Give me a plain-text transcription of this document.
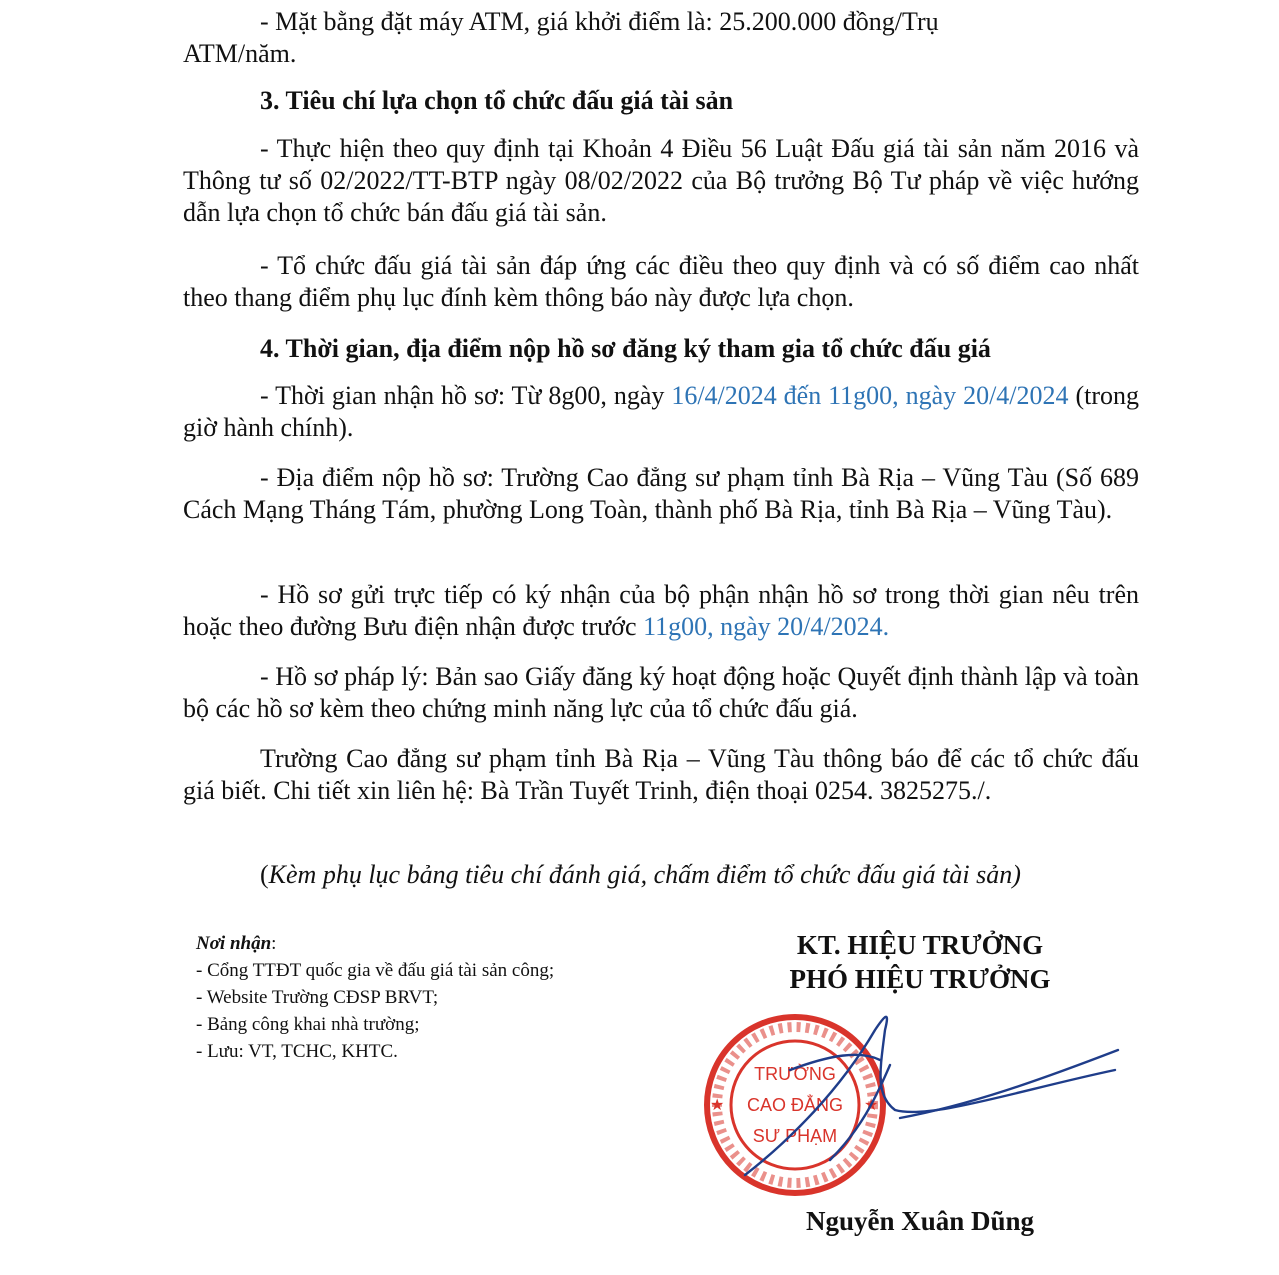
- Mặt bằng đặt máy ATM, giá khởi điểm là: 25.200.000 đồng/Trụ

ATM/năm.

3. Tiêu chí lựa chọn tổ chức đấu giá tài sản

- Thực hiện theo quy định tại Khoản 4 Điều 56 Luật Đấu giá tài sản năm 2016 và Thông tư số 02/2022/TT-BTP ngày 08/02/2022 của Bộ trưởng Bộ Tư pháp về việc hướng dẫn lựa chọn tổ chức bán đấu giá tài sản.

- Tổ chức đấu giá tài sản đáp ứng các điều theo quy định và có số điểm cao nhất theo thang điểm phụ lục đính kèm thông báo này được lựa chọn.

4. Thời gian, địa điểm nộp hồ sơ đăng ký tham gia tổ chức đấu giá

- Thời gian nhận hồ sơ: Từ 8g00, ngày 16/4/2024 đến 11g00, ngày 20/4/2024 (trong giờ hành chính).

- Địa điểm nộp hồ sơ: Trường Cao đẳng sư phạm tỉnh Bà Rịa – Vũng Tàu (Số 689 Cách Mạng Tháng Tám, phường Long Toàn, thành phố Bà Rịa, tỉnh Bà Rịa – Vũng Tàu).

- Hồ sơ gửi trực tiếp có ký nhận của bộ phận nhận hồ sơ trong thời gian nêu trên hoặc theo đường Bưu điện nhận được trước 11g00, ngày 20/4/2024.

- Hồ sơ pháp lý: Bản sao Giấy đăng ký hoạt động hoặc Quyết định thành lập và toàn bộ các hồ sơ kèm theo chứng minh năng lực của tổ chức đấu giá.

Trường Cao đẳng sư phạm tỉnh Bà Rịa – Vũng Tàu thông báo để các tổ chức đấu giá biết. Chi tiết xin liên hệ: Bà Trần Tuyết Trinh, điện thoại 0254. 3825275./.

(Kèm phụ lục bảng tiêu chí đánh giá, chấm điểm tổ chức đấu giá tài sản)

Nơi nhận:
- Cổng TTĐT quốc gia về đấu giá tài sản công;
- Website Trường CĐSP BRVT;
- Bảng công khai nhà trường;
- Lưu: VT, TCHC, KHTC.
KT. HIỆU TRƯỞNG
PHÓ HIỆU TRƯỞNG
★	★
TRƯỜNG
CAO ĐẲNG
SƯ PHẠM
Nguyễn Xuân Dũng
